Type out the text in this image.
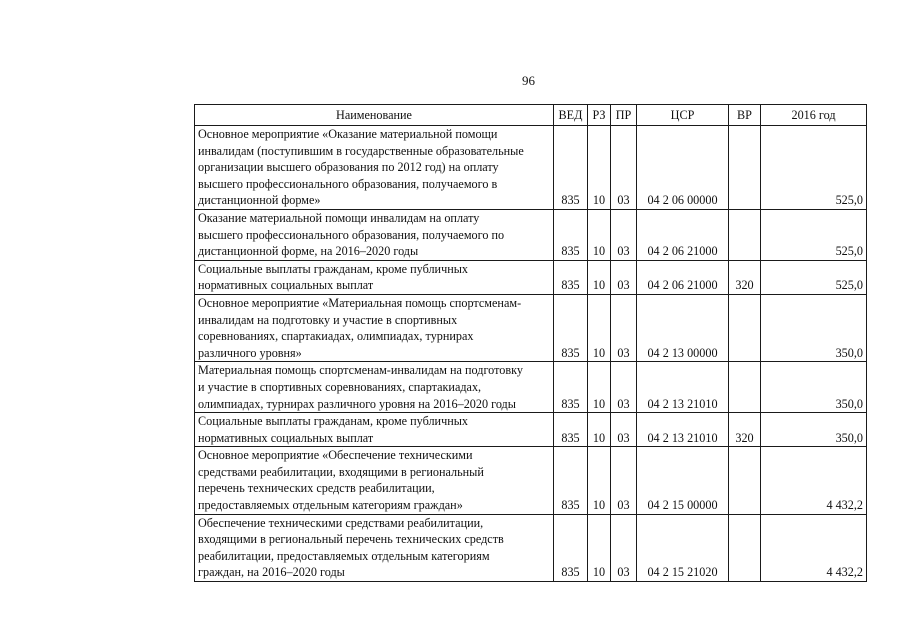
96
Наименование	ВЕД	РЗ	ПР	ЦСР	ВР	2016 год

Основное мероприятие «Оказание материальной помощи
инвалидам (поступившим в государственные образовательные
организации высшего образования по 2012 год) на оплату
высшего профессионального образования, получаемого в
дистанционной форме»	835	10	03	04 2 06 00000		525,0

Оказание материальной помощи инвалидам на оплату
высшего профессионального образования, получаемого по
дистанционной форме, на 2016–2020 годы	835	10	03	04 2 06 21000		525,0

Социальные выплаты гражданам, кроме публичных
нормативных социальных выплат	835	10	03	04 2 06 21000	320	525,0

Основное мероприятие «Материальная помощь спортсменам-
инвалидам на подготовку и участие в спортивных
соревнованиях, спартакиадах, олимпиадах, турнирах
различного уровня»	835	10	03	04 2 13 00000		350,0

Материальная помощь спортсменам-инвалидам на подготовку
и участие в спортивных соревнованиях, спартакиадах,
олимпиадах, турнирах различного уровня на 2016–2020 годы	835	10	03	04 2 13 21010		350,0

Социальные выплаты гражданам, кроме публичных
нормативных социальных выплат	835	10	03	04 2 13 21010	320	350,0

Основное мероприятие «Обеспечение техническими
средствами реабилитации, входящими в региональный
перечень технических средств реабилитации,
предоставляемых отдельным категориям граждан»	835	10	03	04 2 15 00000		4 432,2

Обеспечение техническими средствами реабилитации,
входящими в региональный перечень технических средств
реабилитации, предоставляемых отдельным категориям
граждан, на 2016–2020 годы	835	10	03	04 2 15 21020		4 432,2
